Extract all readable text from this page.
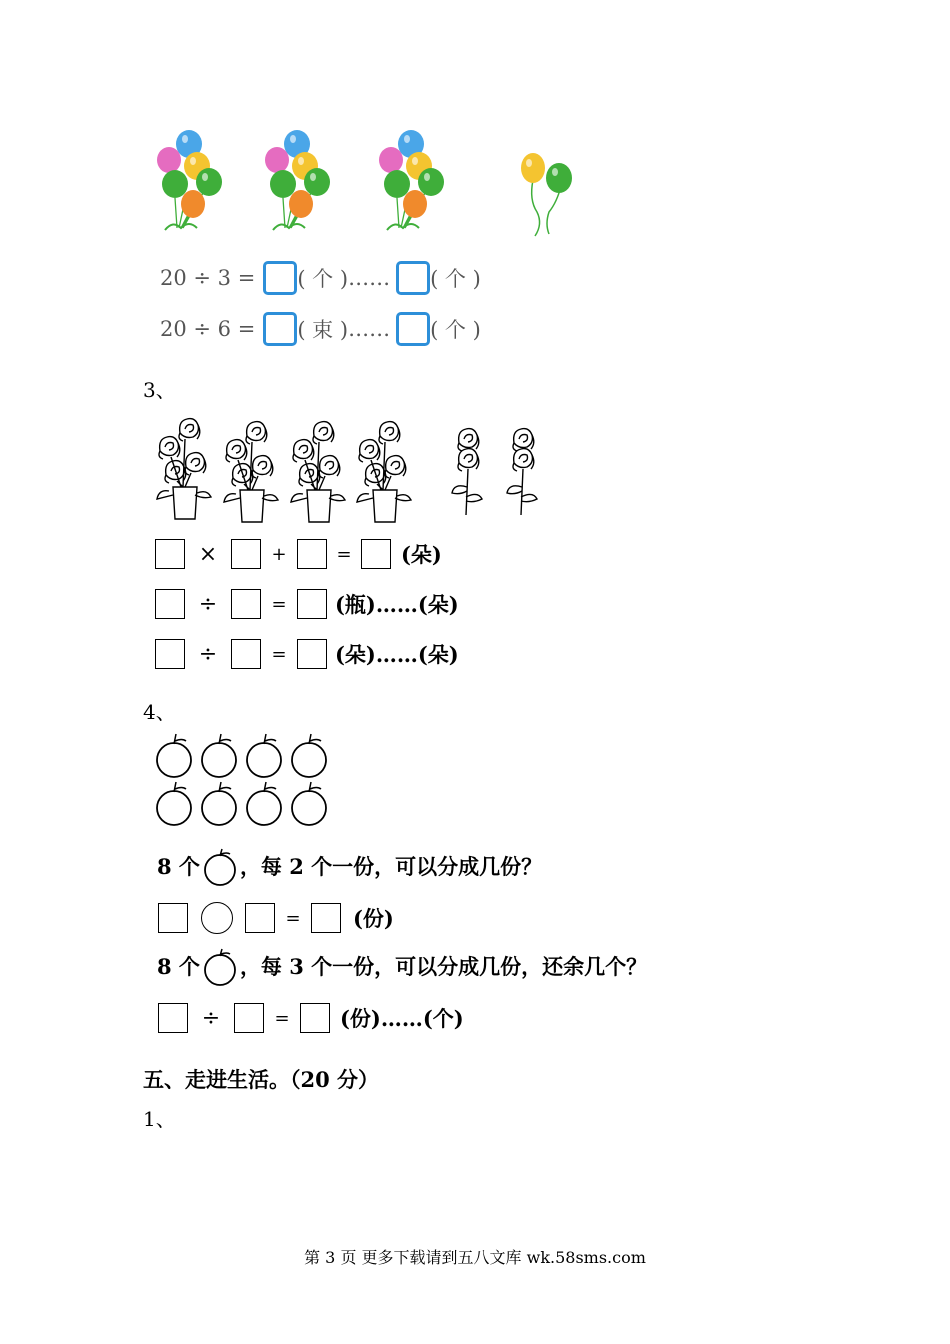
20 ÷ 3 = ( 个 ) …… ( 个 )
20 ÷ 6 = ( 束 ) …… ( 个 )
3、
×	+	=	(朵)
÷	=	(瓶) …… (朵)
÷	=	(朵) …… (朵)
4、
8 个 ，每 2 个一份，可以分成几份？
=	(份)
8 个 ，每 3 个一份，可以分成几份，还余几个？
÷	=	(份) …… (个)
五、走进生活。（20 分）
1、
第 3 页 更多下载请到五八文库 wk.58sms.com
